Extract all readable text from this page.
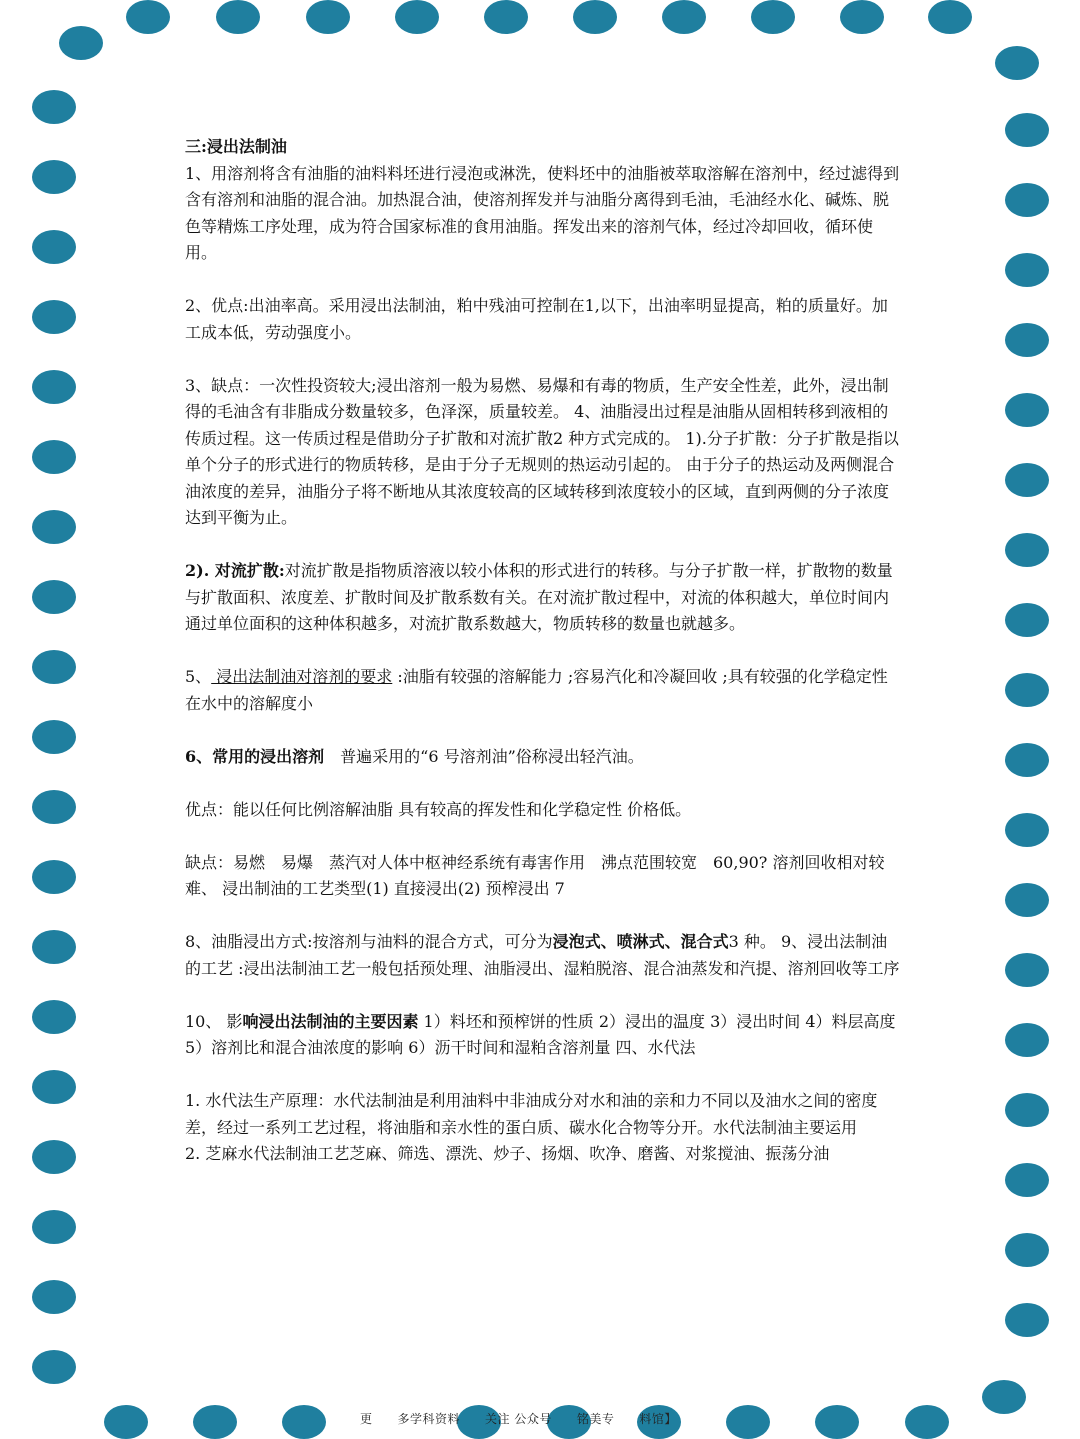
三:浸出法制油

1、用溶剂将含有油脂的油料料坯进行浸泡或淋洗，使料坯中的油脂被萃取溶解在溶剂中，经过滤得到含有溶剂和油脂的混合油。加热混合油，使溶剂挥发并与油脂分离得到毛油，毛油经水化、碱炼、脱色等精炼工序处理，成为符合国家标准的食用油脂。挥发出来的溶剂气体，经过冷却回收，循环使用。

2、优点:出油率高。采用浸出法制油，粕中残油可控制在1,以下，出油率明显提高，粕的质量好。加工成本低，劳动强度小。

3、缺点：一次性投资较大;浸出溶剂一般为易燃、易爆和有毒的物质，生产安全性差，此外，浸出制得的毛油含有非脂成分数量较多，色泽深，质量较差。 4、油脂浸出过程是油脂从固相转移到液相的传质过程。这一传质过程是借助分子扩散和对流扩散2 种方式完成的。 1).分子扩散：分子扩散是指以单个分子的形式进行的物质转移，是由于分子无规则的热运动引起的。 由于分子的热运动及两侧混合油浓度的差异，油脂分子将不断地从其浓度较高的区域转移到浓度较小的区域，直到两侧的分子浓度达到平衡为止。

2). 对流扩散:对流扩散是指物质溶液以较小体积的形式进行的转移。与分子扩散一样，扩散物的数量与扩散面积、浓度差、扩散时间及扩散系数有关。在对流扩散过程中，对流的体积越大，单位时间内通过单位面积的这种体积越多，对流扩散系数越大，物质转移的数量也就越多。

5、 浸出法制油对溶剂的要求 :油脂有较强的溶解能力 ;容易汽化和冷凝回收 ;具有较强的化学稳定性在水中的溶解度小

6、常用的浸出溶剂　普遍采用的“6 号溶剂油”俗称浸出轻汽油。

优点：能以任何比例溶解油脂 具有较高的挥发性和化学稳定性 价格低。

缺点：易燃　易爆　蒸汽对人体中枢神经系统有毒害作用　沸点范围较宽　60,90? 溶剂回收相对较难、 浸出制油的工艺类型(1) 直接浸出(2) 预榨浸出 7

8、油脂浸出方式:按溶剂与油料的混合方式，可分为浸泡式、喷淋式、混合式3 种。 9、浸出法制油的工艺 :浸出法制油工艺一般包括预处理、油脂浸出、湿粕脱溶、混合油蒸发和汽提、溶剂回收等工序

10、 影响浸出法制油的主要因素 1）料坯和预榨饼的性质 2）浸出的温度 3）浸出时间 4）料层高度 5）溶剂比和混合油浓度的影响 6）沥干时间和湿粕含溶剂量 四、水代法

1. 水代法生产原理：水代法制油是利用油料中非油成分对水和油的亲和力不同以及油水之间的密度差，经过一系列工艺过程，将油脂和亲水性的蛋白质、碳水化合物等分开。水代法制油主要运用

2. 芝麻水代法制油工艺芝麻、筛选、漂洗、炒子、扬烟、吹净、磨酱、对浆搅油、振荡分油

更　　多学科资料　　关注 公众号　　铭美专　　料馆】
